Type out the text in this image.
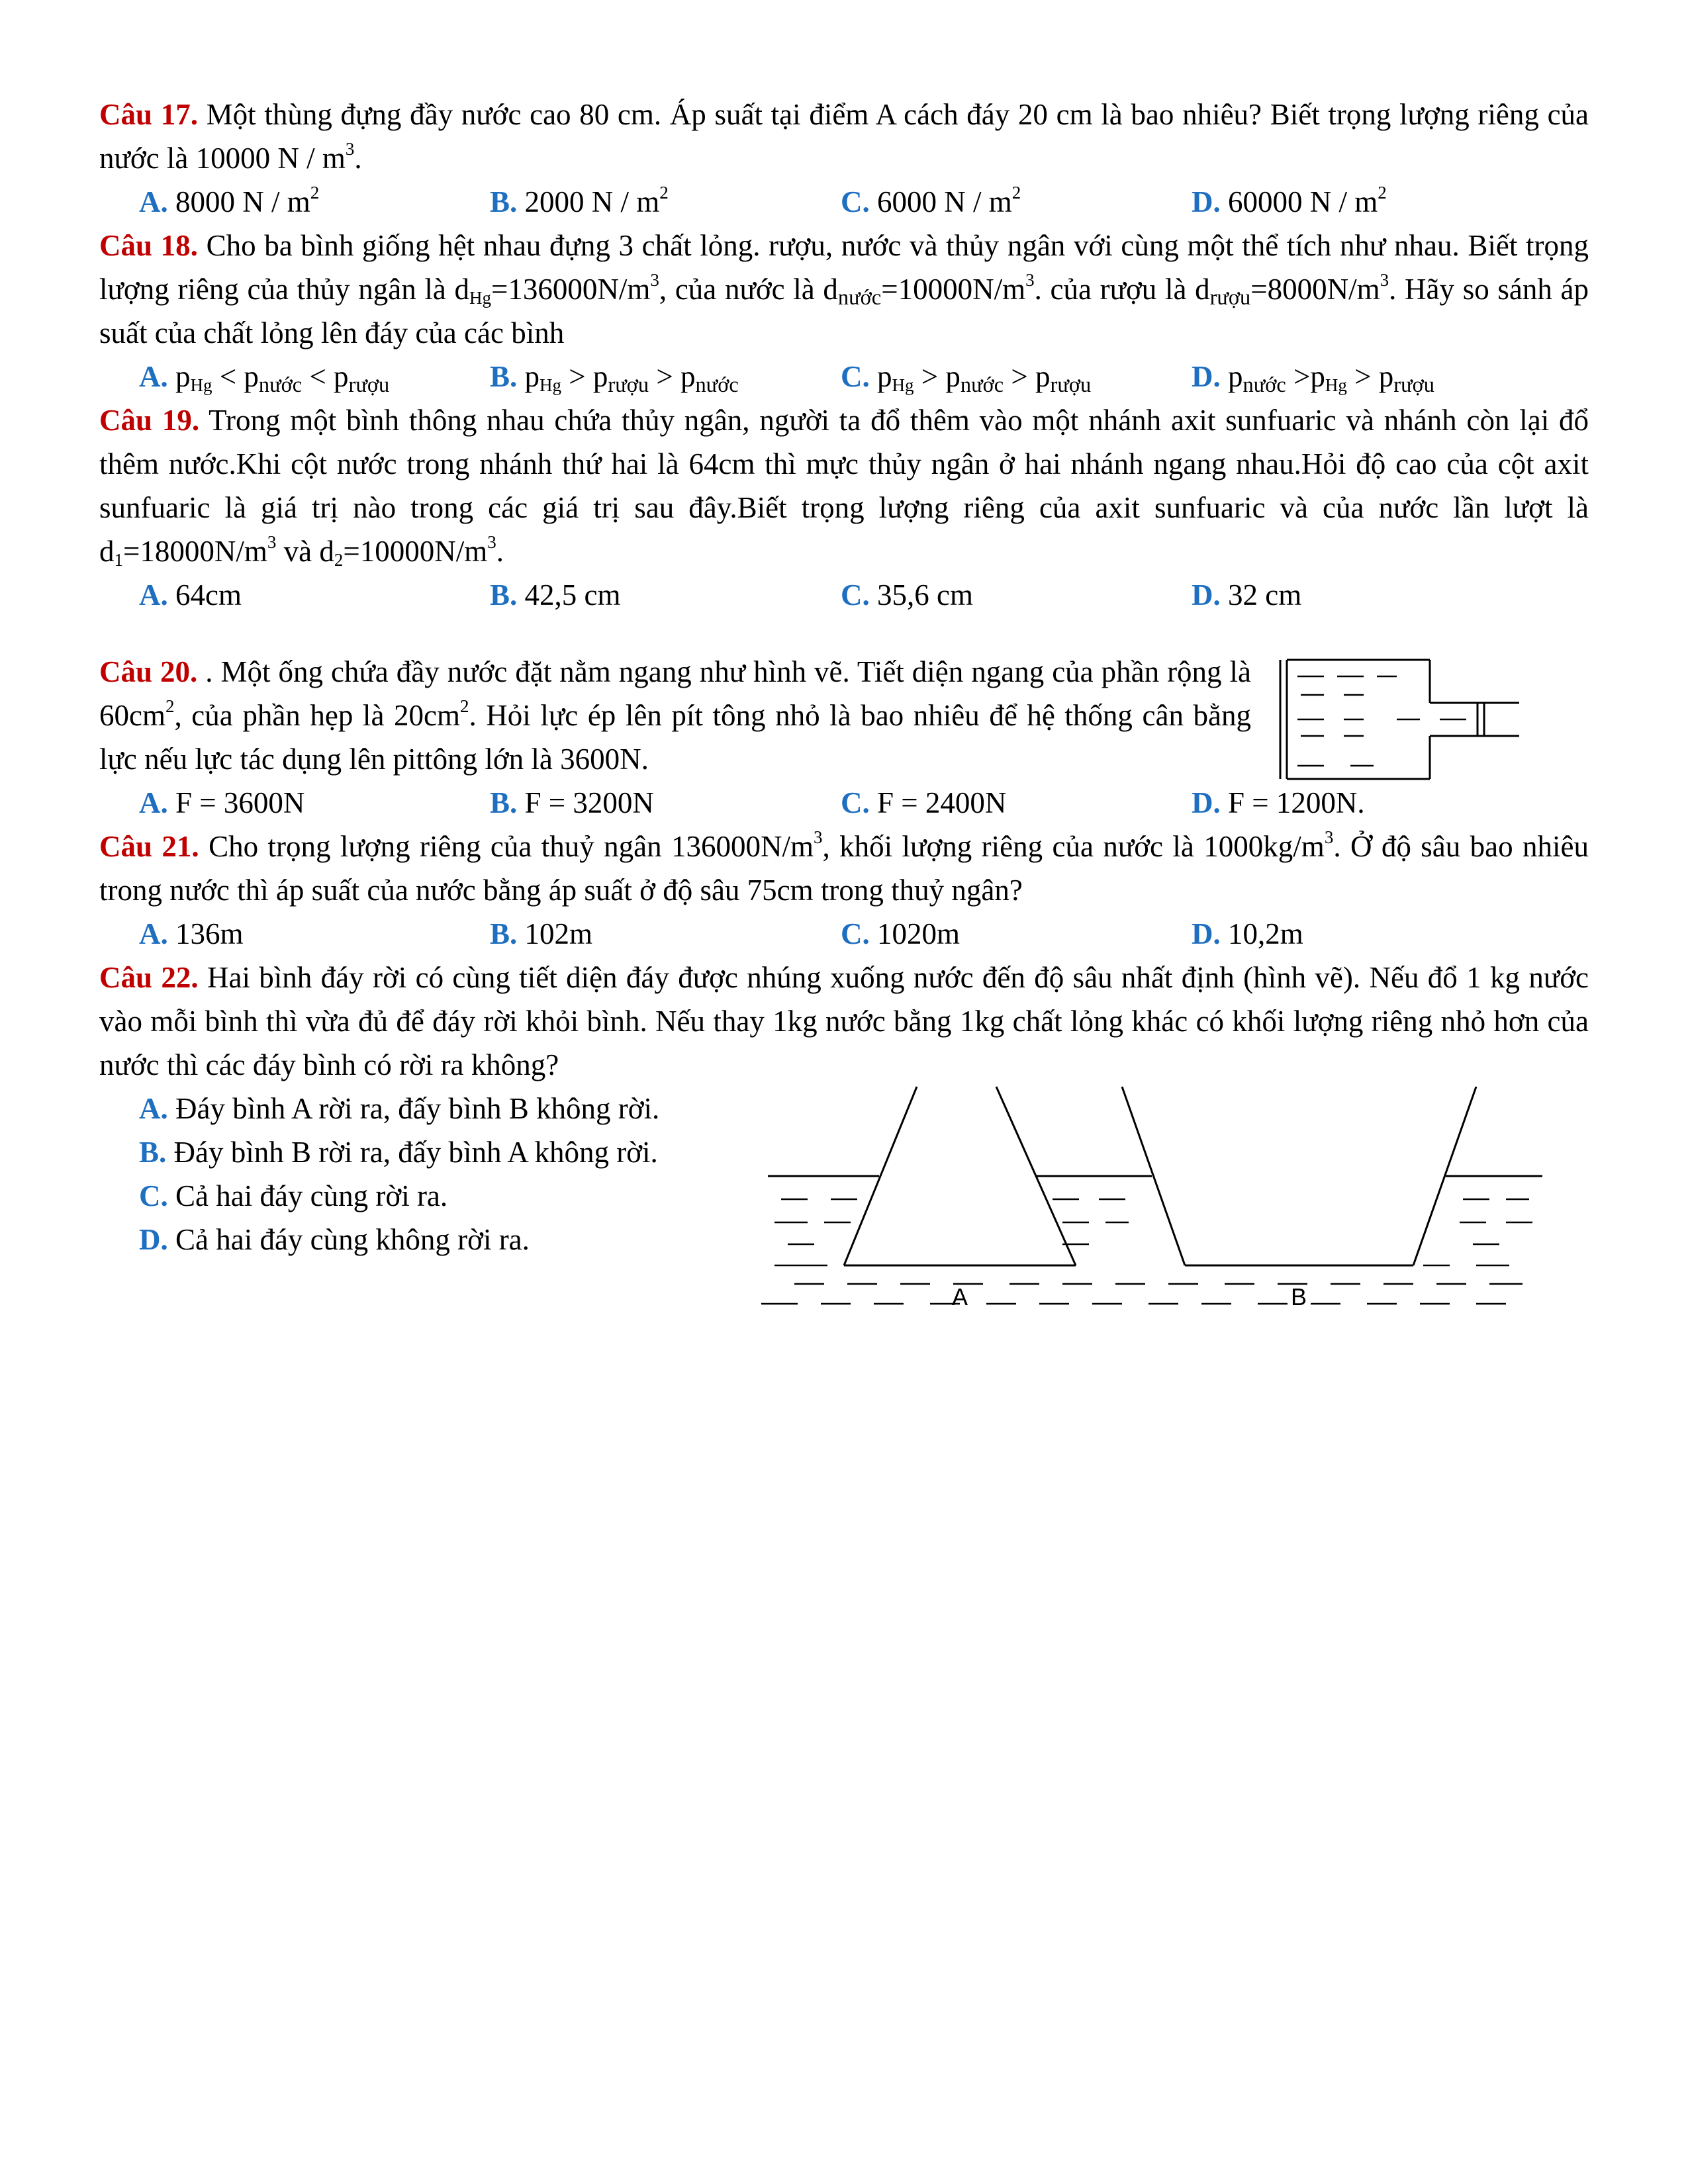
Câu 17. Một thùng đựng đầy nước cao 80 cm. Áp suất tại điểm A cách đáy 20 cm là bao nhiêu? Biết trọng lượng riêng của nước là 10000 N / $m^3$.

A. 8000 N / $m^2$	B. 2000 N / $m^2$	C. 6000 N / $m^2$	D. 60000 N / $m^2$

Câu 18. Cho ba bình giống hệt nhau đựng 3 chất lỏng. rượu, nước và thủy ngân với cùng một thể tích như nhau. Biết trọng lượng riêng của thủy ngân là $d_{Hg}=136000N/m^3$, của nước là $d_{nước}=10000N/m^3$. của rượu là $d_{rượu}=8000N/m^3$. Hãy so sánh áp suất của chất lỏng lên đáy của các bình

A. $p_{Hg} < p_{nước} < p_{rượu}$	B. $p_{Hg} > p_{rượu} > p_{nước}$	C. $p_{Hg} > p_{nước} > p_{rượu}$	D. $p_{nước} >p_{Hg} > p_{rượu}$

Câu 19. Trong một bình thông nhau chứa thủy ngân, người ta đổ thêm vào một nhánh axit sunfuaric và nhánh còn lại đổ thêm nước.Khi cột nước trong nhánh thứ hai là 64cm thì mực thủy ngân ở hai nhánh ngang nhau.Hỏi độ cao của cột axit sunfuaric là giá trị nào trong các giá trị sau đây.Biết trọng lượng riêng của axit sunfuaric và của nước lần lượt là $d_1=18000N/m^3$ và $d_2=10000N/m^3$.

A. 64cm	B. 42,5 cm	C. 35,6 cm	D. 32 cm

Câu 20. . Một ống chứa đầy nước đặt nằm ngang như hình vẽ. Tiết diện ngang của phần rộng là $60cm^2$, của phần hẹp là $20cm^2$. Hỏi lực ép lên pít tông nhỏ là bao nhiêu để hệ thống cân bằng lực nếu lực tác dụng lên pittông lớn là 3600N.

A. F = 3600N	B. F = 3200N	C. F = 2400N	D. F = 1200N.

Câu 21. Cho trọng lượng riêng của thuỷ ngân $136000N/m^3$, khối lượng riêng của nước là $1000kg/m^3$. Ở độ sâu bao nhiêu trong nước thì áp suất của nước bằng áp suất ở độ sâu 75cm trong thuỷ ngân?

A. 136m	B. 102m	C. 1020m	D. 10,2m

Câu 22. Hai bình đáy rời có cùng tiết diện đáy được nhúng xuống nước đến độ sâu nhất định (hình vẽ). Nếu đổ 1 kg nước vào mỗi bình thì vừa đủ để đáy rời khỏi bình. Nếu thay 1kg nước bằng 1kg chất lỏng khác có khối lượng riêng nhỏ hơn của nước thì các đáy bình có rời ra không?

A. Đáy bình A rời ra, đấy bình B không rời.
B. Đáy bình B rời ra, đấy bình A không rời.
C. Cả hai đáy cùng rời ra.
D. Cả hai đáy cùng không rời ra.
A	B
